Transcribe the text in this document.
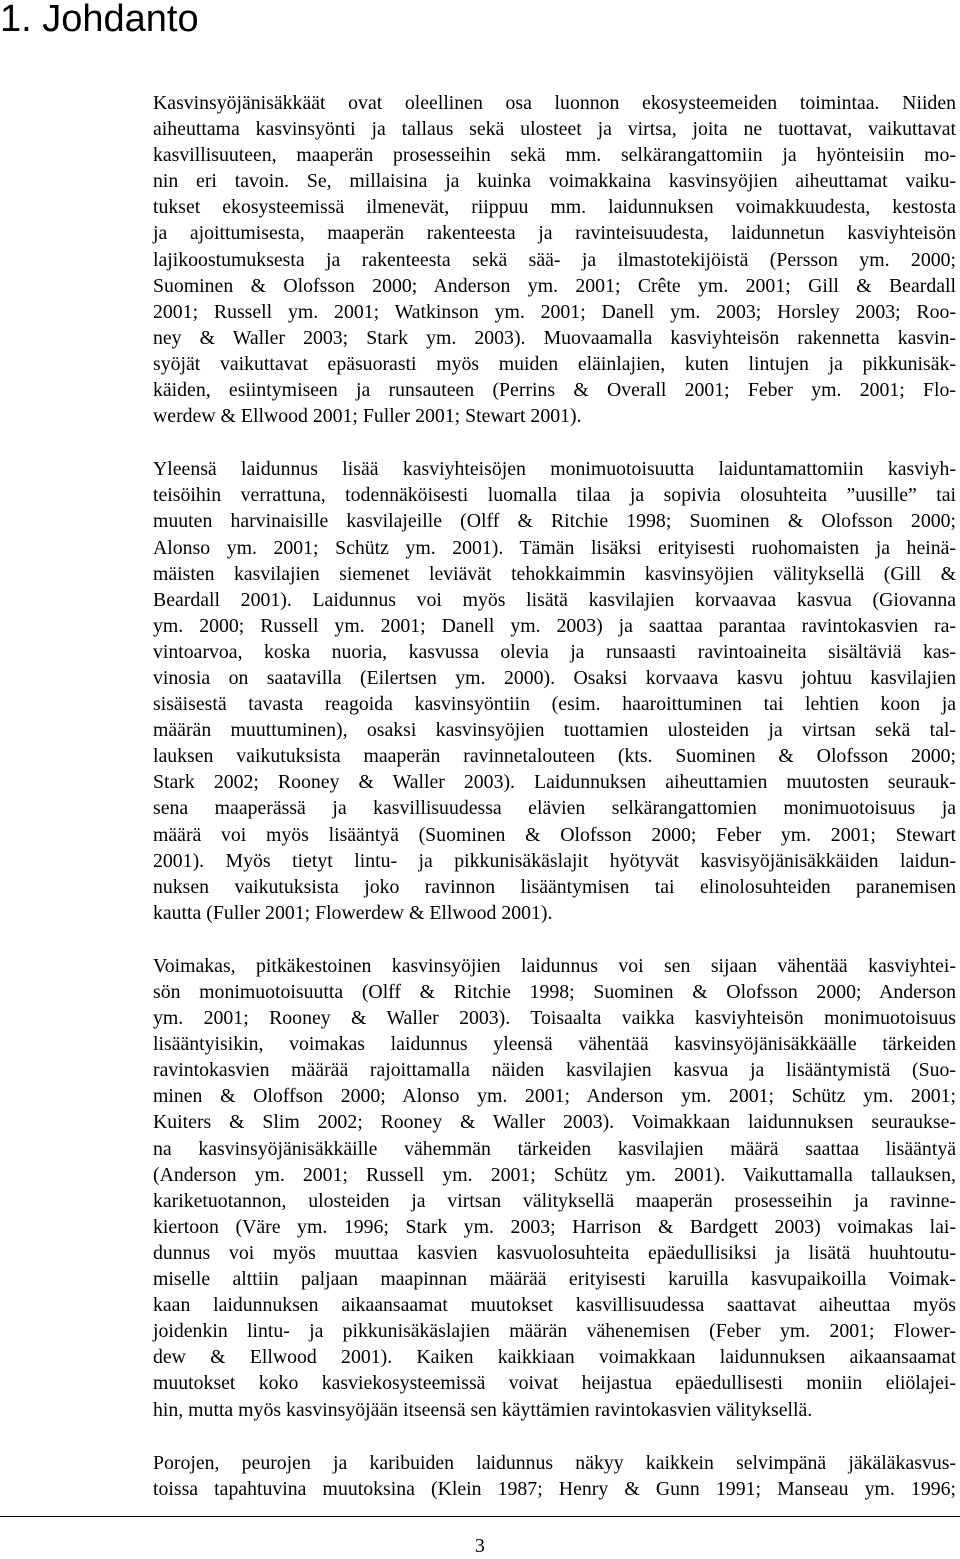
1. Johdanto
Kasvinsyöjänisäkkäät ovat oleellinen osa luonnon ekosysteemeiden toimintaa. Niiden
aiheuttama kasvinsyönti ja tallaus sekä ulosteet ja virtsa, joita ne tuottavat, vaikuttavat
kasvillisuuteen, maaperän prosesseihin sekä mm. selkärangattomiin ja hyönteisiin mo-
nin eri tavoin. Se, millaisina ja kuinka voimakkaina kasvinsyöjien aiheuttamat vaiku-
tukset ekosysteemissä ilmenevät, riippuu mm. laidunnuksen voimakkuudesta, kestosta
ja ajoittumisesta, maaperän rakenteesta ja ravinteisuudesta, laidunnetun kasviyhteisön
lajikoostumuksesta ja rakenteesta sekä sää- ja ilmastotekijöistä (Persson ym. 2000;
Suominen & Olofsson 2000; Anderson ym. 2001; Crête ym. 2001; Gill & Beardall
2001; Russell ym. 2001; Watkinson ym. 2001; Danell ym. 2003; Horsley 2003; Roo-
ney & Waller 2003; Stark ym. 2003). Muovaamalla kasviyhteisön rakennetta kasvin-
syöjät vaikuttavat epäsuorasti myös muiden eläinlajien, kuten lintujen ja pikkunisäk-
käiden, esiintymiseen ja runsauteen (Perrins & Overall 2001; Feber ym. 2001; Flo-
werdew & Ellwood 2001; Fuller 2001; Stewart 2001).
Yleensä laidunnus lisää kasviyhteisöjen monimuotoisuutta laiduntamattomiin kasviyh-
teisöihin verrattuna, todennäköisesti luomalla tilaa ja sopivia olosuhteita ”uusille” tai
muuten harvinaisille kasvilajeille (Olff & Ritchie 1998; Suominen & Olofsson 2000;
Alonso ym. 2001; Schütz ym. 2001). Tämän lisäksi erityisesti ruohomaisten ja heinä-
mäisten kasvilajien siemenet leviävät tehokkaimmin kasvinsyöjien välityksellä (Gill &
Beardall 2001). Laidunnus voi myös lisätä kasvilajien korvaavaa kasvua (Giovanna
ym. 2000; Russell ym. 2001; Danell ym. 2003) ja saattaa parantaa ravintokasvien ra-
vintoarvoa, koska nuoria, kasvussa olevia ja runsaasti ravintoaineita sisältäviä kas-
vinosia on saatavilla (Eilertsen ym. 2000). Osaksi korvaava kasvu johtuu kasvilajien
sisäisestä tavasta reagoida kasvinsyöntiin (esim. haaroittuminen tai lehtien koon ja
määrän muuttuminen), osaksi kasvinsyöjien tuottamien ulosteiden ja virtsan sekä tal-
lauksen vaikutuksista maaperän ravinnetalouteen (kts. Suominen & Olofsson 2000;
Stark 2002; Rooney & Waller 2003). Laidunnuksen aiheuttamien muutosten seurauk-
sena maaperässä ja kasvillisuudessa elävien selkärangattomien monimuotoisuus ja
määrä voi myös lisääntyä (Suominen & Olofsson 2000; Feber ym. 2001; Stewart
2001). Myös tietyt lintu- ja pikkunisäkäslajit hyötyvät kasvisyöjänisäkkäiden laidun-
nuksen vaikutuksista joko ravinnon lisääntymisen tai elinolosuhteiden paranemisen
kautta (Fuller 2001; Flowerdew & Ellwood 2001).
Voimakas, pitkäkestoinen kasvinsyöjien laidunnus voi sen sijaan vähentää kasviyhtei-
sön monimuotoisuutta (Olff & Ritchie 1998; Suominen & Olofsson 2000; Anderson
ym. 2001; Rooney & Waller 2003). Toisaalta vaikka kasviyhteisön monimuotoisuus
lisääntyisikin, voimakas laidunnus yleensä vähentää kasvinsyöjänisäkkäälle tärkeiden
ravintokasvien määrää rajoittamalla näiden kasvilajien kasvua ja lisääntymistä (Suo-
minen & Oloffson 2000; Alonso ym. 2001; Anderson ym. 2001; Schütz ym. 2001;
Kuiters & Slim 2002; Rooney & Waller 2003). Voimakkaan laidunnuksen seurauksе-
na kasvinsyöjänisäkkäille vähemmän tärkeiden kasvilajien määrä saattaa lisääntyä
(Anderson ym. 2001; Russell ym. 2001; Schütz ym. 2001). Vaikuttamalla tallauksen,
kariketuotannon, ulosteiden ja virtsan välityksellä maaperän prosesseihin ja ravinne-
kiertoon (Väre ym. 1996; Stark ym. 2003; Harrison & Bardgett 2003) voimakas lai-
dunnus voi myös muuttaa kasvien kasvuolosuhteita epäedullisiksi ja lisätä huuhtoutu-
miselle alttiin paljaan maapinnan määrää erityisesti karuilla kasvupaikoilla Voimak-
kaan laidunnuksen aikaansaamat muutokset kasvillisuudessa saattavat aiheuttaa myös
joidenkin lintu- ja pikkunisäkäslajien määrän vähenemisen (Feber ym. 2001; Flower-
dew & Ellwood 2001). Kaiken kaikkiaan voimakkaan laidunnuksen aikaansaamat
muutokset koko kasviekosysteemissä voivat heijastua epäedullisesti moniin eliölajei-
hin, mutta myös kasvinsyöjään itseensä sen käyttämien ravintokasvien välityksellä.
Porojen, peurojen ja karibuiden laidunnus näkyy kaikkein selvimpänä jäkäläkasvus-
toissa tapahtuvina muutoksina (Klein 1987; Henry & Gunn 1991; Manseau ym. 1996;
3
